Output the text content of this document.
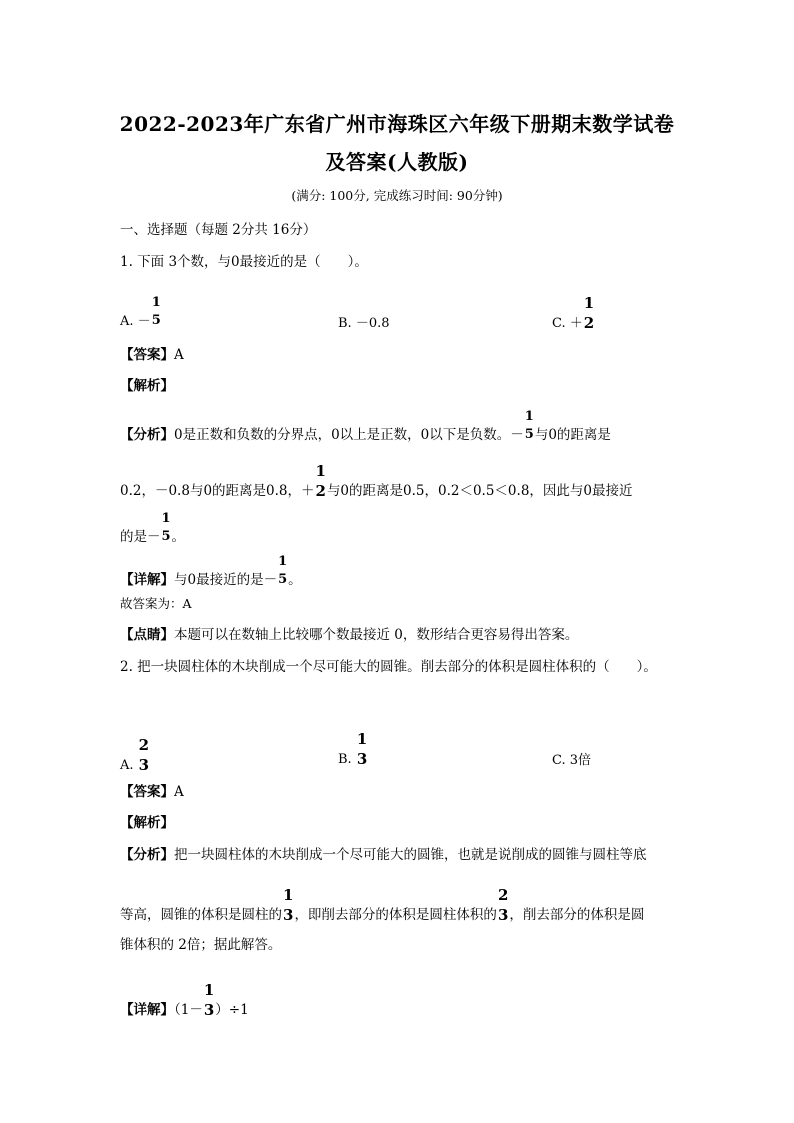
2022-2023年广东省广州市海珠区六年级下册期末数学试卷
及答案(人教版)
(满分: 100分, 完成练习时间: 90分钟)
一、选择题（每题 2分共 16分）
1. 下面 3个数，与0最接近的是（　　）。
A. －
1
5	B. －0.8	C. ＋
1
2
【答案】A
【解析】
【分析】0是正数和负数的分界点，0以上是正数，0以下是负数。－
1
5 与0的距离是
0.2，－0.8与0的距离是0.8，＋
1
2 与0的距离是0.5，0.2＜0.5＜0.8，因此与0最接近
的是－
1
5 。
【详解】与0最接近的是－
1
5 。
故答案为：A
【点睛】本题可以在数轴上比较哪个数最接近 0，数形结合更容易得出答案。
2. 把一块圆柱体的木块削成一个尽可能大的圆锥。削去部分的体积是圆柱体积的（　　）。
A.
2
3	B.
1
3	C. 3倍
【答案】A
【解析】
【分析】把一块圆柱体的木块削成一个尽可能大的圆锥，也就是说削成的圆锥与圆柱等底
等高，圆锥的体积是圆柱的
1
3 ，即削去部分的体积是圆柱体积的
2
3 ，削去部分的体积是圆
锥体积的 2倍；据此解答。
【详解】（1－
1
3 ）÷1
